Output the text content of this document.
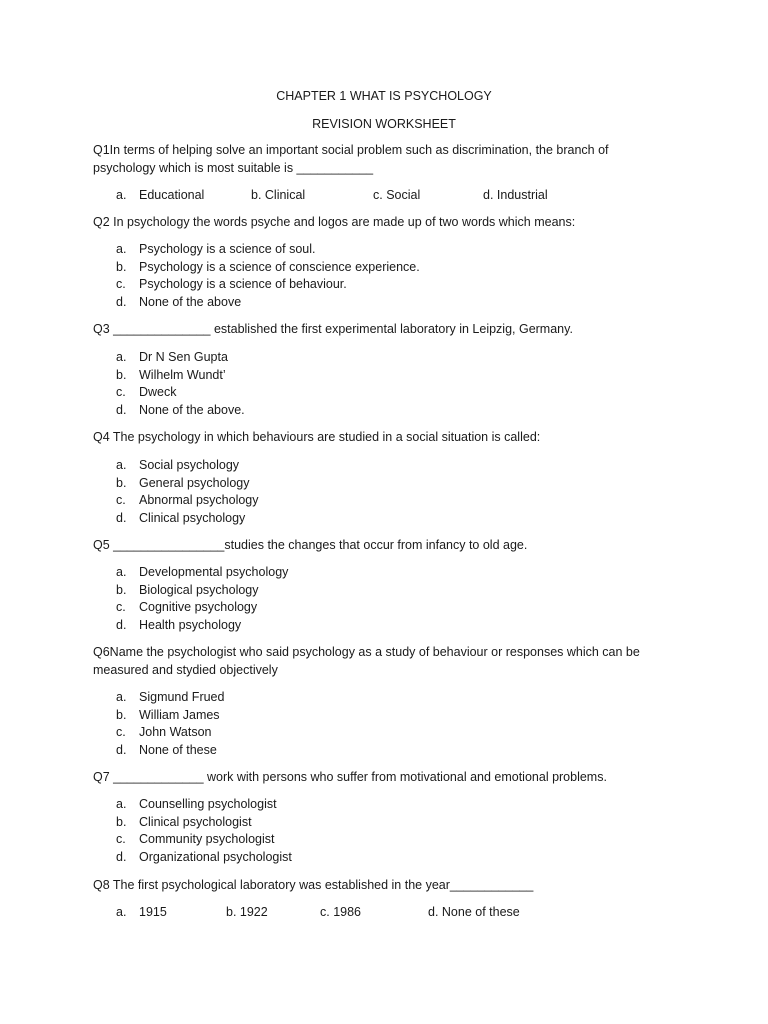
CHAPTER 1 WHAT IS PSYCHOLOGY
REVISION WORKSHEET
Q1In terms of helping solve an important social problem such as discrimination, the branch of psychology which is most suitable is ___________
a. Educational	b. Clinical	c. Social	d. Industrial
Q2 In psychology the words psyche and logos are made up of two words which means:
a. Psychology is a science of soul.
b. Psychology is a science of conscience experience.
c. Psychology is a science of behaviour.
d. None of the above
Q3 ______________ established the first experimental laboratory in Leipzig, Germany.
a. Dr N Sen Gupta
b. Wilhelm Wundt’
c. Dweck
d. None of the above.
Q4 The psychology in which behaviours are studied in a social situation is called:
a. Social psychology
b. General psychology
c. Abnormal psychology
d. Clinical psychology
Q5 ________________studies the changes that occur from infancy to old age.
a. Developmental psychology
b. Biological psychology
c. Cognitive psychology
d. Health psychology
Q6Name the psychologist who said psychology as a study of behaviour or responses which can be measured and stydied objectively
a. Sigmund Frued
b. William James
c. John Watson
d. None of these
Q7 _____________ work with persons who suffer from motivational and emotional problems.
a. Counselling psychologist
b. Clinical psychologist
c. Community psychologist
d. Organizational psychologist
Q8 The first psychological laboratory was established in the year____________
a. 1915	b. 1922	c. 1986	d. None of these
